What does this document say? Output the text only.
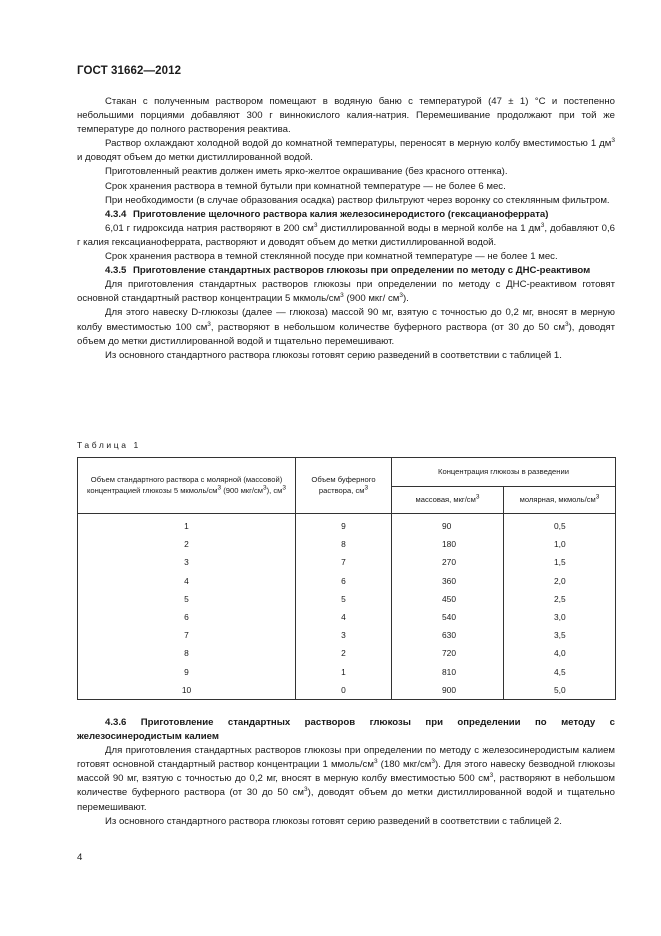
ГОСТ 31662—2012

Стакан с полученным раствором помещают в водяную баню с температурой (47 ± 1) °С и постепенно небольшими порциями добавляют 300 г виннокислого калия-натрия. Перемешивание продолжают при той же температуре до полного растворения реактива.

Раствор охлаждают холодной водой до комнатной температуры, переносят в мерную колбу вместимостью 1 $дм^3$ и доводят объем до метки дистиллированной водой.

Приготовленный реактив должен иметь ярко-желтое окрашивание (без красного оттенка).

Срок хранения раствора в темной бутыли при комнатной температуре — не более 6 мес.

При необходимости (в случае образования осадка) раствор фильтруют через воронку со стеклянным фильтром.

4.3.4 Приготовление щелочного раствора калия железосинеродистого (гексацианоферрата)

6,01 г гидроксида натрия растворяют в 200 $см^3$ дистиллированной воды в мерной колбе на 1 $дм^3$, добавляют 0,6 г калия гексацианоферрата, растворяют и доводят объем до метки дистиллированной водой.

Срок хранения раствора в темной стеклянной посуде при комнатной температуре — не более 1 мес.

4.3.5 Приготовление стандартных растворов глюкозы при определении по методу с ДНС-реактивом

Для приготовления стандартных растворов глюкозы при определении по методу с ДНС-реактивом готовят основной стандартный раствор концентрации 5 мкмоль/$см^3$ (900 мкг/ $см^3$).

Для этого навеску D-глюкозы (далее — глюкоза) массой 90 мг, взятую с точностью до 0,2 мг, вносят в мерную колбу вместимостью 100 $см^3$, растворяют в небольшом количестве буферного раствора (от 30 до 50 $см^3$), доводят объем до метки дистиллированной водой и тщательно перемешивают.

Из основного стандартного раствора глюкозы готовят серию разведений в соответствии с таблицей 1.

Таблица 1
Объем стандартного раствора с молярной (массовой) концентрацией глюкозы 5 мкмоль/$см^3$ (900 мкг/$см^3$), $см^3$	Объем буферного раствора, $см^3$	Концентрация глюкозы в разведении	
		массовая, мкг/$см^3$	молярная, мкмоль/$см^3$
1	9	90	0,5
2	8	180	1,0
3	7	270	1,5
4	6	360	2,0
5	5	450	2,5
6	4	540	3,0
7	3	630	3,5
8	2	720	4,0
9	1	810	4,5
10	0	900	5,0

4.3.6 Приготовление стандартных растворов глюкозы при определении по методу с железосинеродистым калием

Для приготовления стандартных растворов глюкозы при определении по методу с железосинеродистым калием готовят основной стандартный раствор концентрации 1 ммоль/$см^3$ (180 мкг/$см^3$). Для этого навеску безводной глюкозы массой 90 мг, взятую с точностью до 0,2 мг, вносят в мерную колбу вместимостью 500 $см^3$, растворяют в небольшом количестве буферного раствора (от 30 до 50 $см^3$), доводят объем до метки дистиллированной водой и тщательно перемешивают.

Из основного стандартного раствора глюкозы готовят серию разведений в соответствии с таблицей 2.

4
